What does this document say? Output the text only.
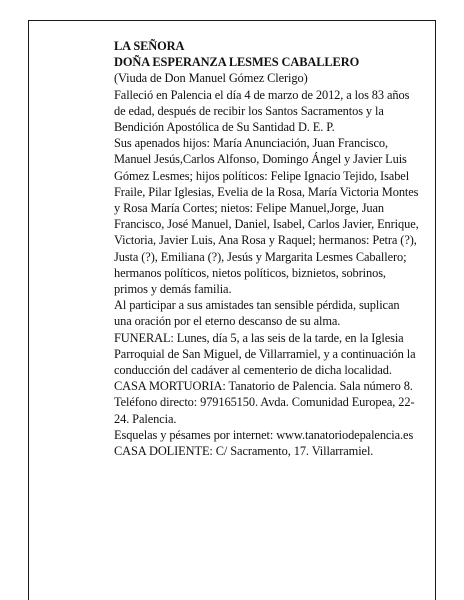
LA SEÑORA

DOÑA ESPERANZA LESMES CABALLERO

(Viuda de Don Manuel Gómez Clerigo)

Falleció en Palencia el día 4 de marzo de 2012, a los 83 años de edad, después de recibir los Santos Sacramentos y la Bendición Apostólica de Su Santidad D. E. P.

Sus apenados hijos: María Anunciación, Juan Francisco, Manuel Jesús,Carlos Alfonso, Domingo Ángel y Javier Luis Gómez Lesmes; hijos políticos: Felipe Ignacio Tejido, Isabel Fraile, Pilar Iglesias, Evelia de la Rosa, María Victoria Montes y Rosa María Cortes; nietos: Felipe Manuel,Jorge, Juan Francisco, José Manuel, Daniel, Isabel, Carlos Javier, Enrique, Victoria, Javier Luis, Ana Rosa y Raquel; hermanos: Petra (?), Justa (?), Emiliana (?), Jesús y Margarita Lesmes Caballero; hermanos políticos, nietos políticos, biznietos, sobrinos, primos y demás familia.

Al participar a sus amistades tan sensible pérdida, suplican una oración por el eterno descanso de su alma.

FUNERAL: Lunes, día 5, a las seis de la tarde, en la Iglesia Parroquial de San Miguel, de Villarramiel, y a continuación la conducción del cadáver al cementerio de dicha localidad.

CASA MORTUORIA: Tanatorio de Palencia. Sala número 8. Teléfono directo: 979165150. Avda. Comunidad Europea, 22-24. Palencia.

Esquelas y pésames por internet: www.tanatoriodepalencia.es

CASA DOLIENTE: C/ Sacramento, 17. Villarramiel.
